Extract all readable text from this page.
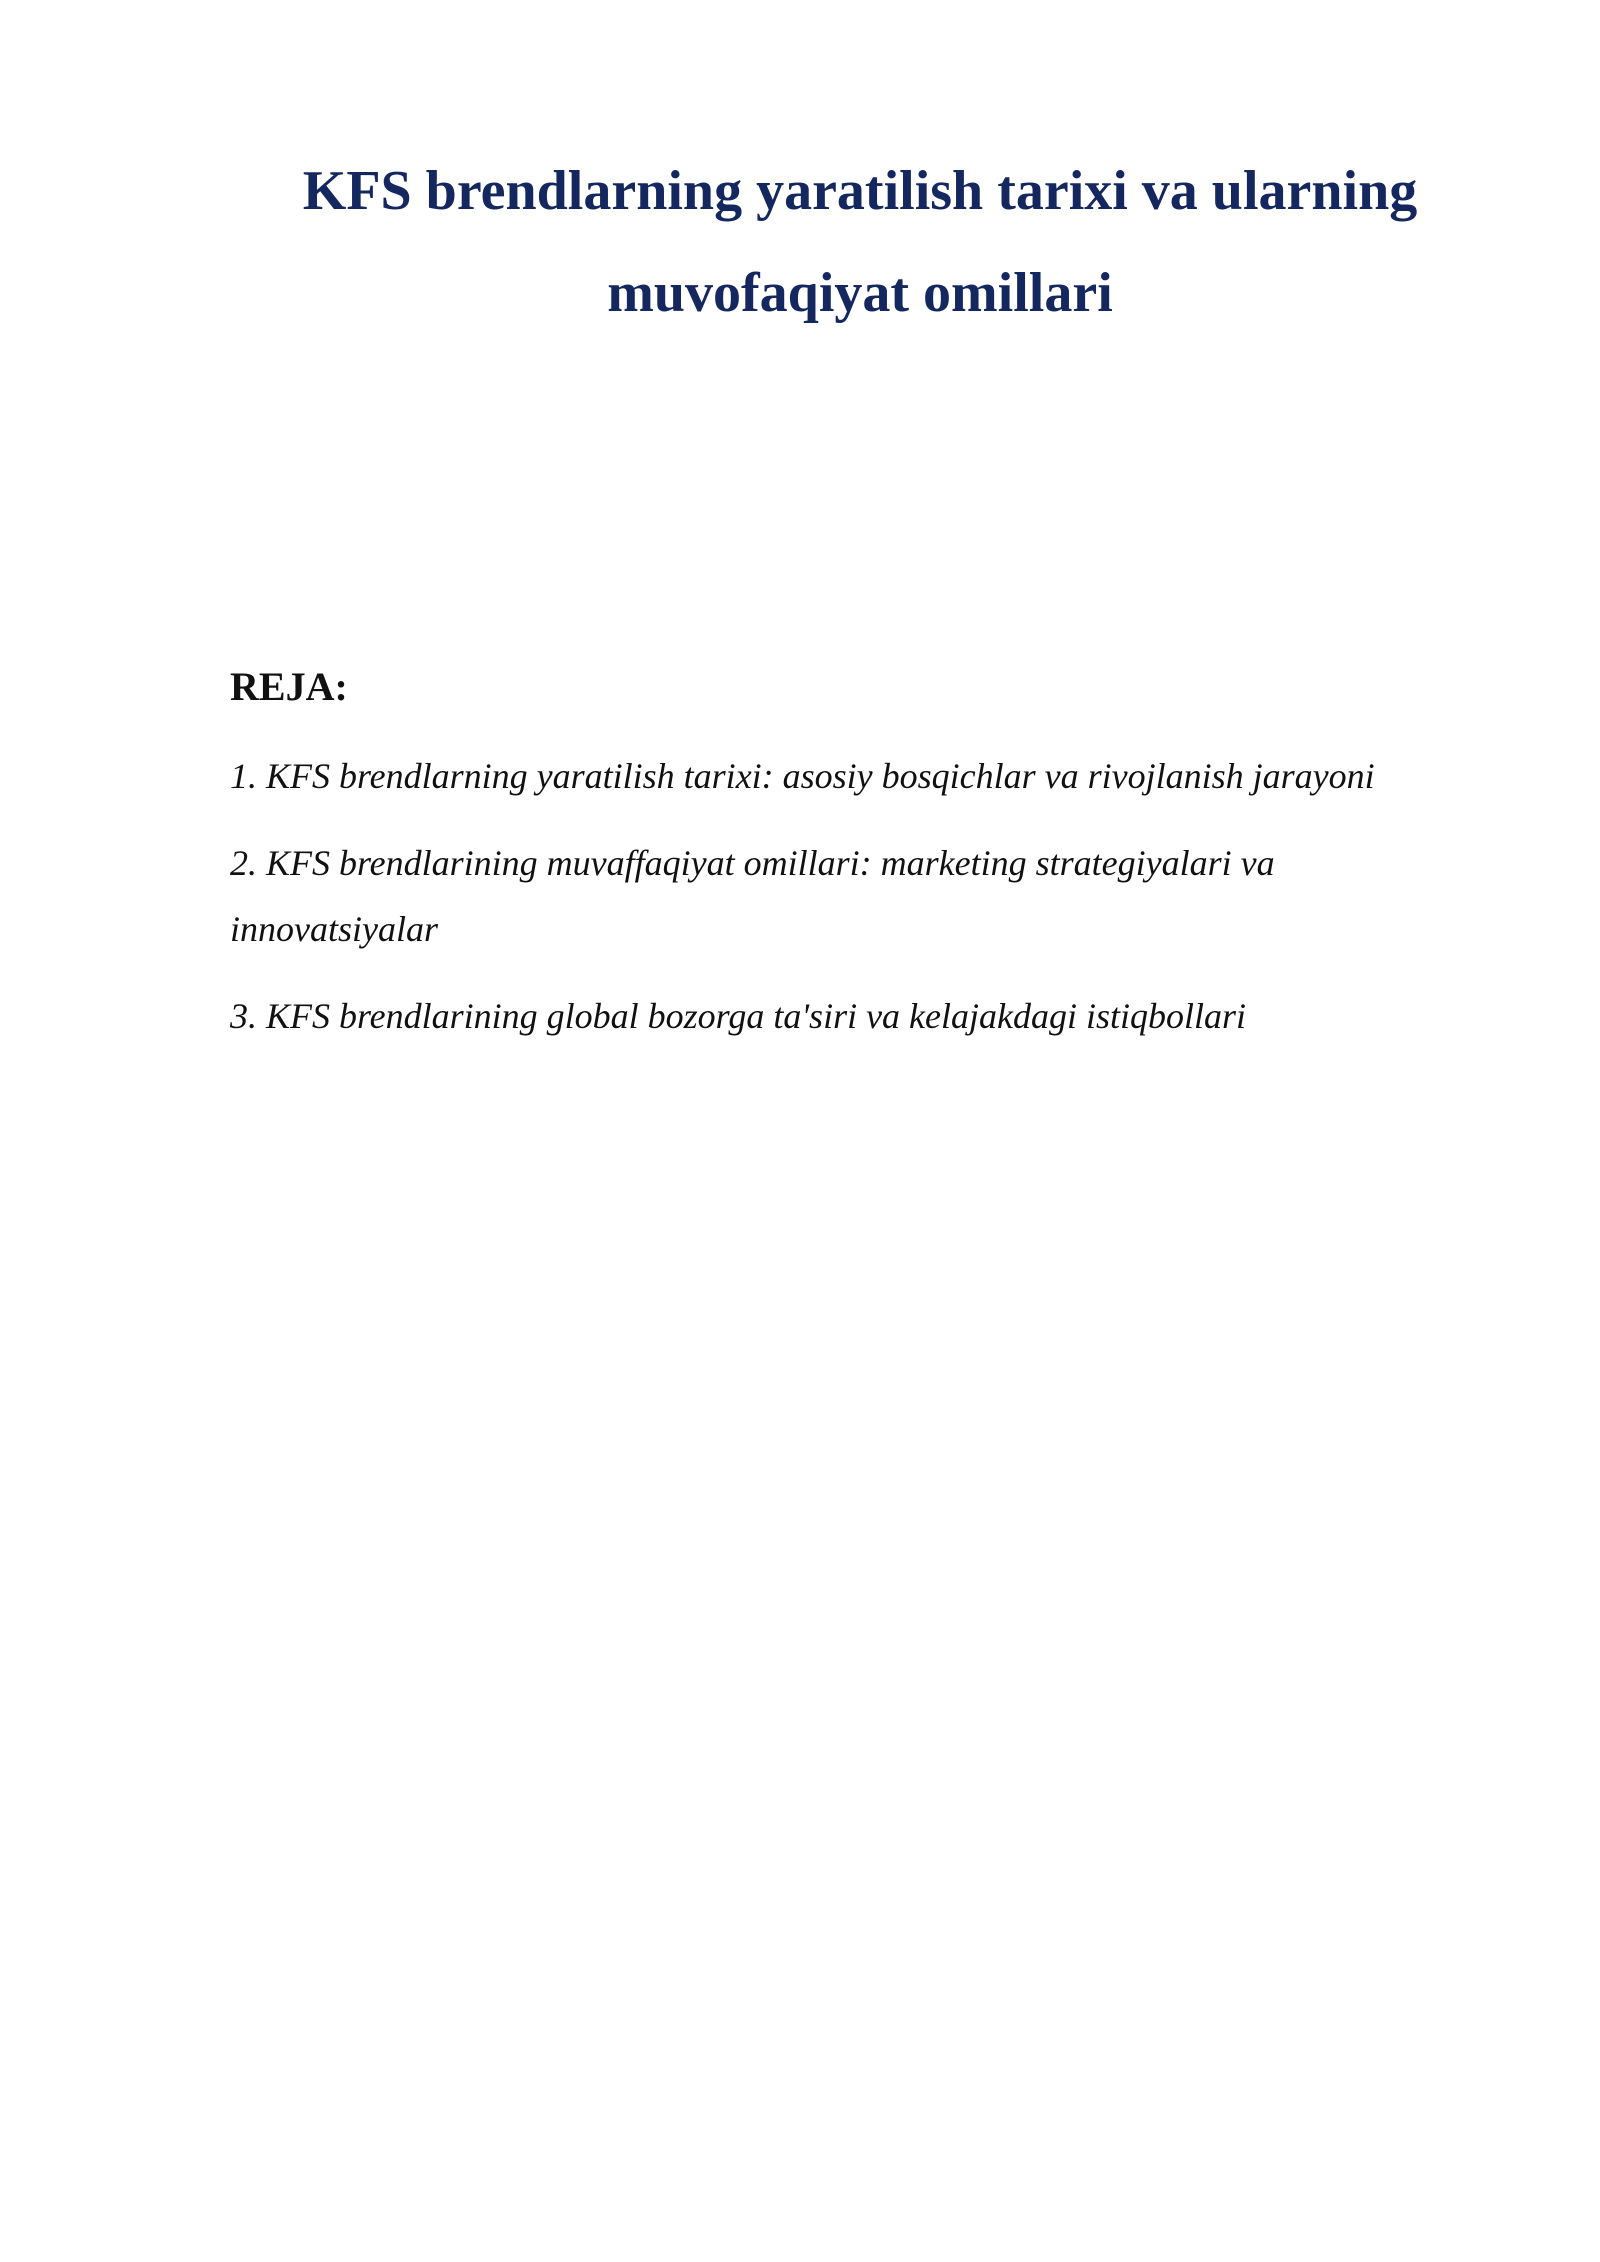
KFS brendlarning yaratilish tarixi va ularning muvofaqiyat omillari
REJA:
1. KFS brendlarning yaratilish tarixi: asosiy bosqichlar va rivojlanish jarayoni
2. KFS brendlarining muvaffaqiyat omillari: marketing strategiyalari va innovatsiyalar
3. KFS brendlarining global bozorga ta'siri va kelajakdagi istiqbollari
